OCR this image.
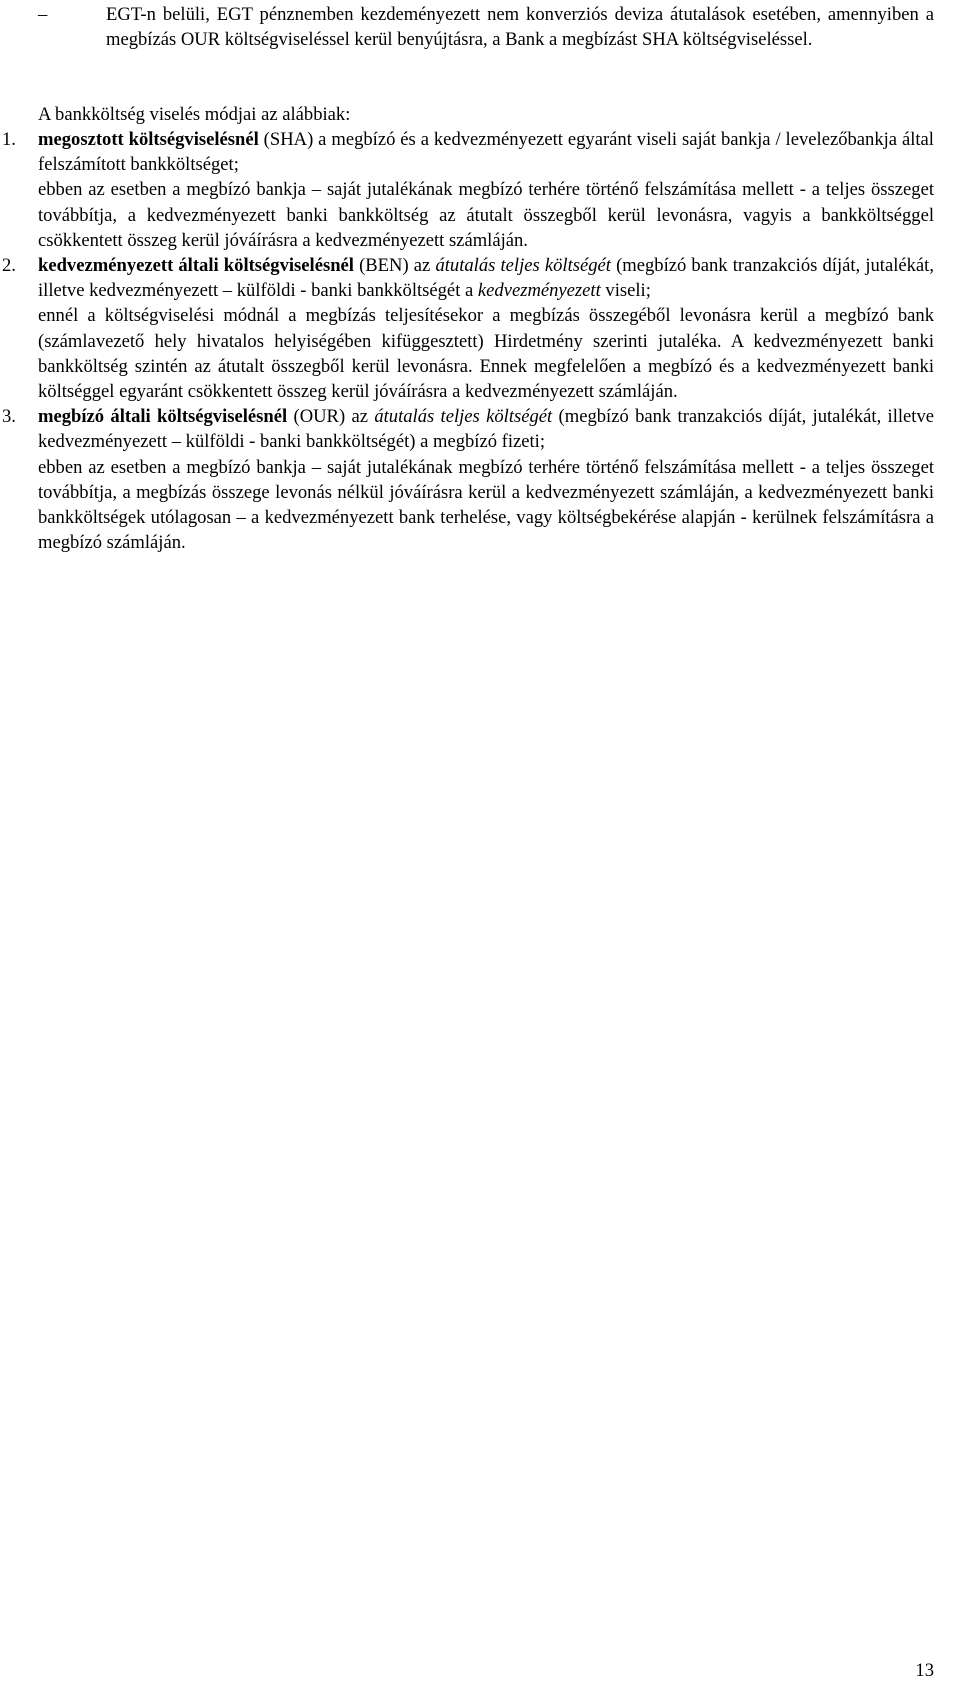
–	EGT-n belüli, EGT pénznemben kezdeményezett nem konverziós deviza átutalások esetében, amennyiben a megbízás OUR költségviseléssel kerül benyújtásra, a Bank a megbízást SHA költségviseléssel.
A bankköltség viselés módjai az alábbiak:
1.	megosztott költségviselésnél (SHA) a megbízó és a kedvezményezett egyaránt viseli saját bankja / levelezőbankja által felszámított bankköltséget;

ebben az esetben a megbízó bankja – saját jutalékának megbízó terhére történő felszámítása mellett - a teljes összeget továbbítja, a kedvezményezett banki bankköltség az átutalt összegből kerül levonásra, vagyis a bankköltséggel csökkentett összeg kerül jóváírásra a kedvezményezett számláján.

2.	kedvezményezett általi költségviselésnél (BEN) az átutalás teljes költségét (megbízó bank tranzakciós díját, jutalékát, illetve kedvezményezett – külföldi - banki bankköltségét a kedvezményezett viseli;

ennél a költségviselési módnál a megbízás teljesítésekor a megbízás összegéből levonásra kerül a megbízó bank (számlavezető hely hivatalos helyiségében kifüggesztett) Hirdetmény szerinti jutaléka. A kedvezményezett banki bankköltség szintén az átutalt összegből kerül levonásra. Ennek megfelelően a megbízó és a kedvezményezett banki költséggel egyaránt csökkentett összeg kerül jóváírásra a kedvezményezett számláján.

3.	megbízó általi költségviselésnél (OUR) az átutalás teljes költségét (megbízó bank tranzakciós díját, jutalékát, illetve kedvezményezett – külföldi - banki bankköltségét) a megbízó fizeti;

ebben az esetben a megbízó bankja – saját jutalékának megbízó terhére történő felszámítása mellett - a teljes összeget továbbítja, a megbízás összege levonás nélkül jóváírásra kerül a kedvezményezett számláján, a kedvezményezett banki bankköltségek utólagosan – a kedvezményezett bank terhelése, vagy költségbekérése alapján - kerülnek felszámításra a megbízó számláján.

13
